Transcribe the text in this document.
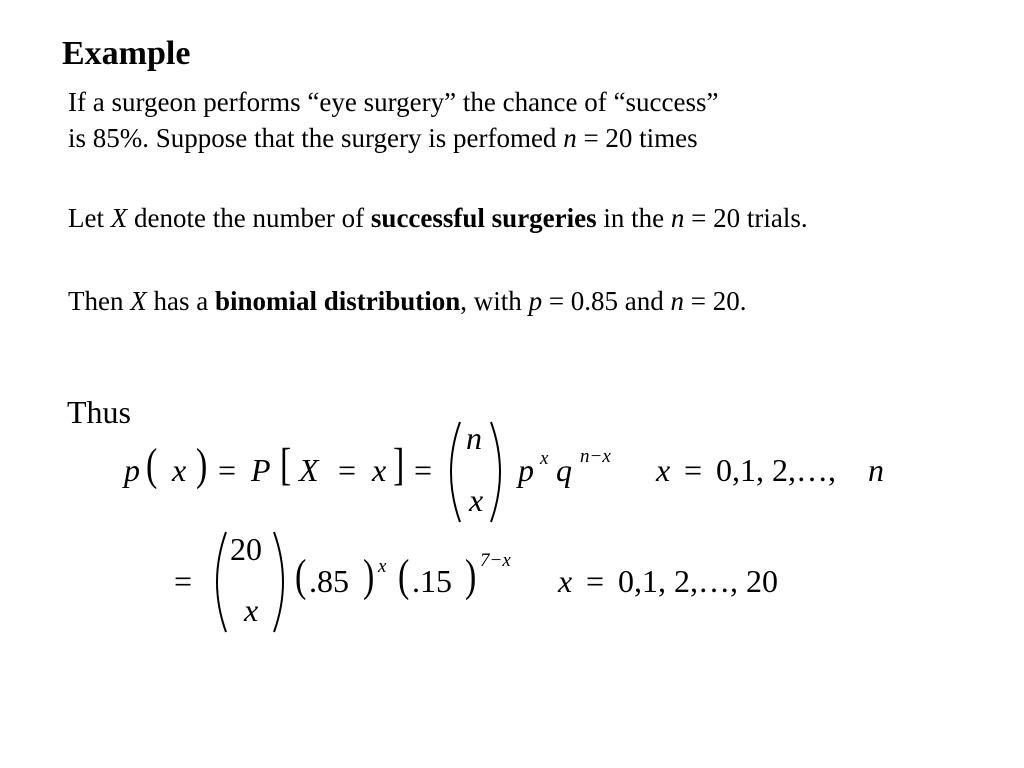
Example

If a surgeon performs “eye surgery” the chance of “success”
is 85%. Suppose that the surgery is perfomed n = 20 times

Let X denote the number of successful surgeries in the n = 20 trials.

Then X has a binomial distribution, with p = 0.85 and n = 20.

Thus
p ( x ) = P [ X = x ] =
n
x
p x q n−x x = 0,1, 2,…, n
=
20
x
( .85 ) x ( .15 ) 7−x
x = 0,1, 2,…, 20
